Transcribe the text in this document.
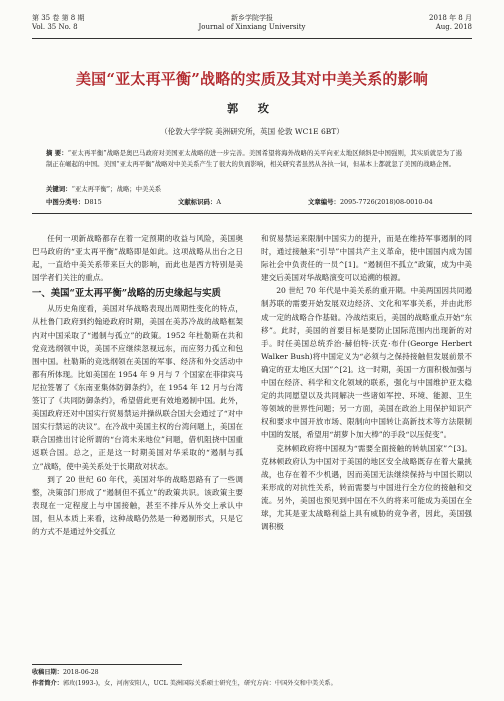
第 35 卷 第 8 期
Vol. 35 No. 8
新乡学院学报
Journal of Xinxiang University
2018 年 8 月
Aug. 2018
美国“亚太再平衡”战略的实质及其对中美关系的影响
郭 玫
（伦敦大学学院 美洲研究所，英国 伦敦 WC1E 6BT）
摘 要：“亚太再平衡”战略是奥巴马政府对美国亚太战略的进一步完善。美国希望将海外战略的关平向亚太地区倾斜是中国强则，其实质就是为了遏制正在崛起的中国。美国“亚太再平衡”战略对中美关系产生了很大的负面影响，相关研究者虽然从各执一词，但基本上都就忽了美国的战略企图。
关键词：“亚太再平衡”；战略；中美关系
中图分类号：D815	文献标识码：A	文章编号：2095-7726(2018)08-0010-04

任何一项新战略都存在着一定预期的收益与风险，美国奥巴马政府的“亚太再平衡”战略即是如此。这项战略从出台之日起，一直给中美关系带来巨大的影响，而此也是西方特别是美国学者们关注的重点。

一、美国“亚太再平衡”战略的历史缘起与实质

从历史角度看，美国对华战略表现出周期性变化的特点，从杜鲁门政府到约翰逊政府时期，美国在美苏冷战的战略框架内对中国采取了“遏制与孤立”的政策。1952 年杜勒斯在共和党竞选纲领中说，美国不应继续忽视远东，而应努力孤立和包围中国。杜勒斯的竞选纲领在美国的军事、经济和外交活动中都有所体现。比如美国在 1954 年 9 月与 7 个国家在菲律宾马尼拉签署了《东南亚集体防御条约》，在 1954 年 12 月与台湾签订了《共同防御条约》，希望借此更有效地遏制中国。此外，美国政府还对中国实行贸易禁运并操纵联合国大会通过了“对中国实行禁运的决议”。在冷战中美国主权的台湾问题上，美国在联合国推出讨论所谓的“台湾未来地位”问题，借机阻挠中国重返联合国。总之，正是这一时期美国对华采取的“遏制与孤立”战略，使中美关系处于长期敌对状态。

到了 20 世纪 60 年代，美国对华的战略思路有了一些调整，决策部门形成了“遏制但不孤立”的政策共识。该政策主要表现在一定程度上与中国接触，甚至不排斥从外交上承认中国，但从本质上来看，这种战略仍然是一种遏制形式，只是它的方式不是通过外交孤立

和贸易禁运来限制中国实力的提升，而是在维持军事遏制的同时，通过接触来“引导”中国共产主义革命，使中国国内成为国际社会中负责任的一员^[1]。“遏制但不孤立”政策，成为中美建交后美国对华战略演变可以追溯的根源。

20 世纪 70 年代是中美关系的重开期。中美两国因共同遏制苏联的需要开始发展双边经济、文化和军事关系，并由此形成一定的战略合作基础。冷战结束后，美国的战略重点开始“东移”。此时，美国的首要目标是要防止国际范围内出现新的对手。时任美国总统乔治·赫伯特·沃克·布什(George Herbert Walker Bush)将中国定义为“必须与之保持接触但发展前景不确定的亚太地区大国”^[2]。这一时期，美国一方面积极加强与中国在经济、科学和文化领域的联系，强化与中国维护亚太稳定的共同愿望以及共同解决一些诸如军控、环境、能源、卫生等领域的世界性问题；另一方面，美国在政治上用保护知识产权和要求中国开放市场、限制向中国转让高新技术等方法限制中国的发展，希望用“胡萝卜加大棒”的手段“以压促变”。

克林顿政府将中国视为“需要全面接触的转轨国家”^[3]。克林顿政府认为中国对于美国的地区安全战略既存在着大量挑战，也存在着不少机遇，因而美国无法继续保持与中国长期以来形成的对抗性关系，转而需要与中国进行全方位的接触和交流。另外，美国也预见到中国在不久的将来可能成为美国在全球，尤其是亚太战略利益上具有威胁的竞争者，因此，美国强调积极

收稿日期：2018-06-28
作者简介：郭玫(1993-)，女，河南安阳人，UCL 美洲国际关系硕士研究生，研究方向：中国外交和中美关系。
